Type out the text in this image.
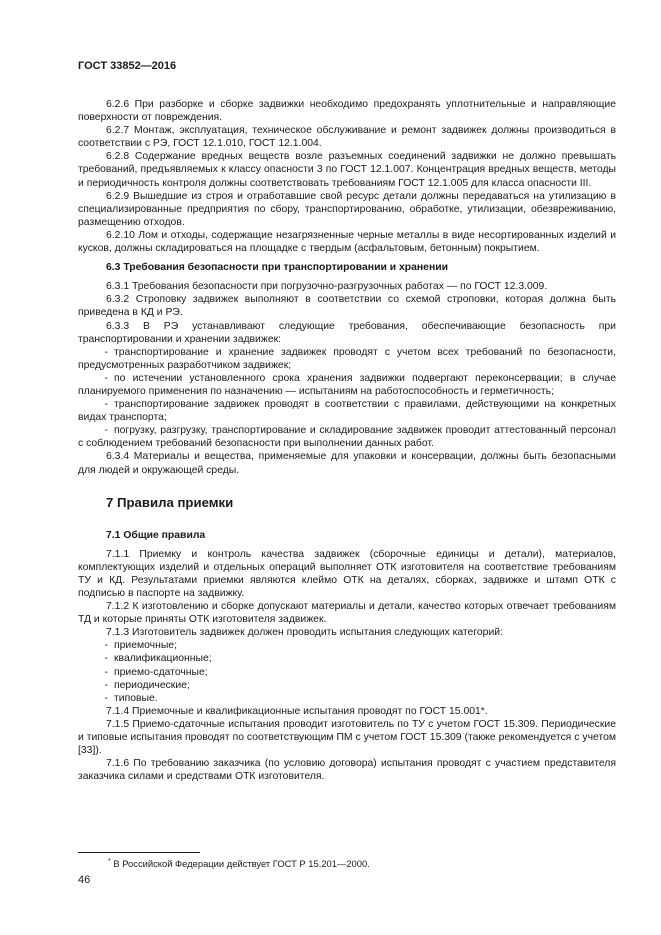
ГОСТ 33852—2016

6.2.6 При разборке и сборке задвижки необходимо предохранять уплотнительные и направляющие поверхности от повреждения.

6.2.7 Монтаж, эксплуатация, техническое обслуживание и ремонт задвижек должны производиться в соответствии с РЭ, ГОСТ 12.1.010, ГОСТ 12.1.004.

6.2.8 Содержание вредных веществ возле разъемных соединений задвижки не должно превышать требований, предъявляемых к классу опасности 3 по ГОСТ 12.1.007. Концентрация вредных веществ, методы и периодичность контроля должны соответствовать требованиям ГОСТ 12.1.005 для класса опасности III.

6.2.9 Вышедшие из строя и отработавшие свой ресурс детали должны передаваться на утилизацию в специализированные предприятия по сбору, транспортированию, обработке, утилизации, обезвреживанию, размещению отходов.

6.2.10 Лом и отходы, содержащие незагрязненные черные металлы в виде несортированных изделий и кусков, должны складироваться на площадке с твердым (асфальтовым, бетонным) покрытием.

6.3 Требования безопасности при транспортировании и хранении

6.3.1 Требования безопасности при погрузочно-разгрузочных работах — по ГОСТ 12.3.009.

6.3.2 Строповку задвижек выполняют в соответствии со схемой строповки, которая должна быть приведена в КД и РЭ.

6.3.3 В РЭ устанавливают следующие требования, обеспечивающие безопасность при транспортировании и хранении задвижек:

- транспортирование и хранение задвижек проводят с учетом всех требований по безопасности, предусмотренных разработчиком задвижек;

- по истечении установленного срока хранения задвижки подвергают переконсервации; в случае планируемого применения по назначению — испытаниям на работоспособность и герметичность;

- транспортирование задвижек проводят в соответствии с правилами, действующими на конкретных видах транспорта;

- погрузку, разгрузку, транспортирование и складирование задвижек проводит аттестованный персонал с соблюдением требований безопасности при выполнении данных работ.

6.3.4 Материалы и вещества, применяемые для упаковки и консервации, должны быть безопасными для людей и окружающей среды.

7 Правила приемки

7.1 Общие правила

7.1.1 Приемку и контроль качества задвижек (сборочные единицы и детали), материалов, комплектующих изделий и отдельных операций выполняет ОТК изготовителя на соответствие требованиям ТУ и КД. Результатами приемки являются клеймо ОТК на деталях, сборках, задвижке и штамп ОТК с подписью в паспорте на задвижку.

7.1.2 К изготовлению и сборке допускают материалы и детали, качество которых отвечает требованиям ТД и которые приняты ОТК изготовителя задвижек.

7.1.3 Изготовитель задвижек должен проводить испытания следующих категорий:

- приемочные;

- квалификационные;

- приемо-сдаточные;

- периодические;

- типовые.

7.1.4 Приемочные и квалификационные испытания проводят по ГОСТ 15.001*.

7.1.5 Приемо-сдаточные испытания проводит изготовитель по ТУ с учетом ГОСТ 15.309. Периодические и типовые испытания проводят по соответствующим ПМ с учетом ГОСТ 15.309 (также рекомендуется с учетом [33]).

7.1.6 По требованию заказчика (по условию договора) испытания проводят с участием представителя заказчика силами и средствами ОТК изготовителя.

* В Российской Федерации действует ГОСТ Р 15.201—2000.
46
